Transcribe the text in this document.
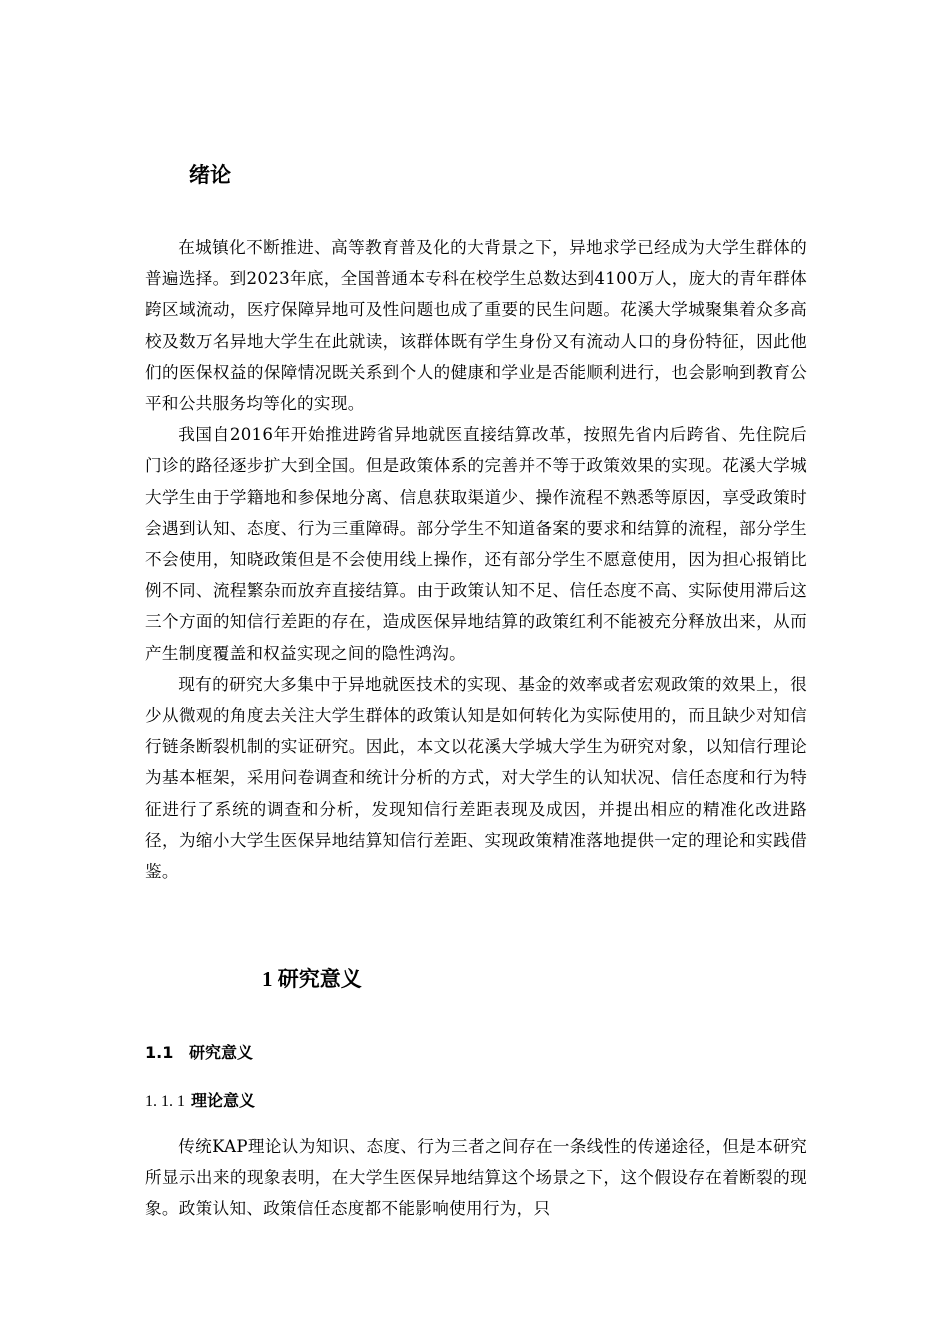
绪论

在城镇化不断推进、高等教育普及化的大背景之下，异地求学已经成为大学生群体的普遍选择。到2023年底，全国普通本专科在校学生总数达到4100万人，庞大的青年群体跨区域流动，医疗保障异地可及性问题也成了重要的民生问题。花溪大学城聚集着众多高校及数万名异地大学生在此就读，该群体既有学生身份又有流动人口的身份特征，因此他们的医保权益的保障情况既关系到个人的健康和学业是否能顺利进行，也会影响到教育公平和公共服务均等化的实现。

我国自2016年开始推进跨省异地就医直接结算改革，按照先省内后跨省、先住院后门诊的路径逐步扩大到全国。但是政策体系的完善并不等于政策效果的实现。花溪大学城大学生由于学籍地和参保地分离、信息获取渠道少、操作流程不熟悉等原因，享受政策时会遇到认知、态度、行为三重障碍。部分学生不知道备案的要求和结算的流程，部分学生不会使用，知晓政策但是不会使用线上操作，还有部分学生不愿意使用，因为担心报销比例不同、流程繁杂而放弃直接结算。由于政策认知不足、信任态度不高、实际使用滞后这三个方面的知信行差距的存在，造成医保异地结算的政策红利不能被充分释放出来，从而产生制度覆盖和权益实现之间的隐性鸿沟。

现有的研究大多集中于异地就医技术的实现、基金的效率或者宏观政策的效果上，很少从微观的角度去关注大学生群体的政策认知是如何转化为实际使用的，而且缺少对知信行链条断裂机制的实证研究。因此，本文以花溪大学城大学生为研究对象，以知信行理论为基本框架，采用问卷调查和统计分析的方式，对大学生的认知状况、信任态度和行为特征进行了系统的调查和分析，发现知信行差距表现及成因，并提出相应的精准化改进路径，为缩小大学生医保异地结算知信行差距、实现政策精准落地提供一定的理论和实践借鉴。

1 研究意义
1.1 研究意义
1. 1. 1 理论意义

传统KAP理论认为知识、态度、行为三者之间存在一条线性的传递途径，但是本研究所显示出来的现象表明，在大学生医保异地结算这个场景之下，这个假设存在着断裂的现象。政策认知、政策信任态度都不能影响使用行为，只
